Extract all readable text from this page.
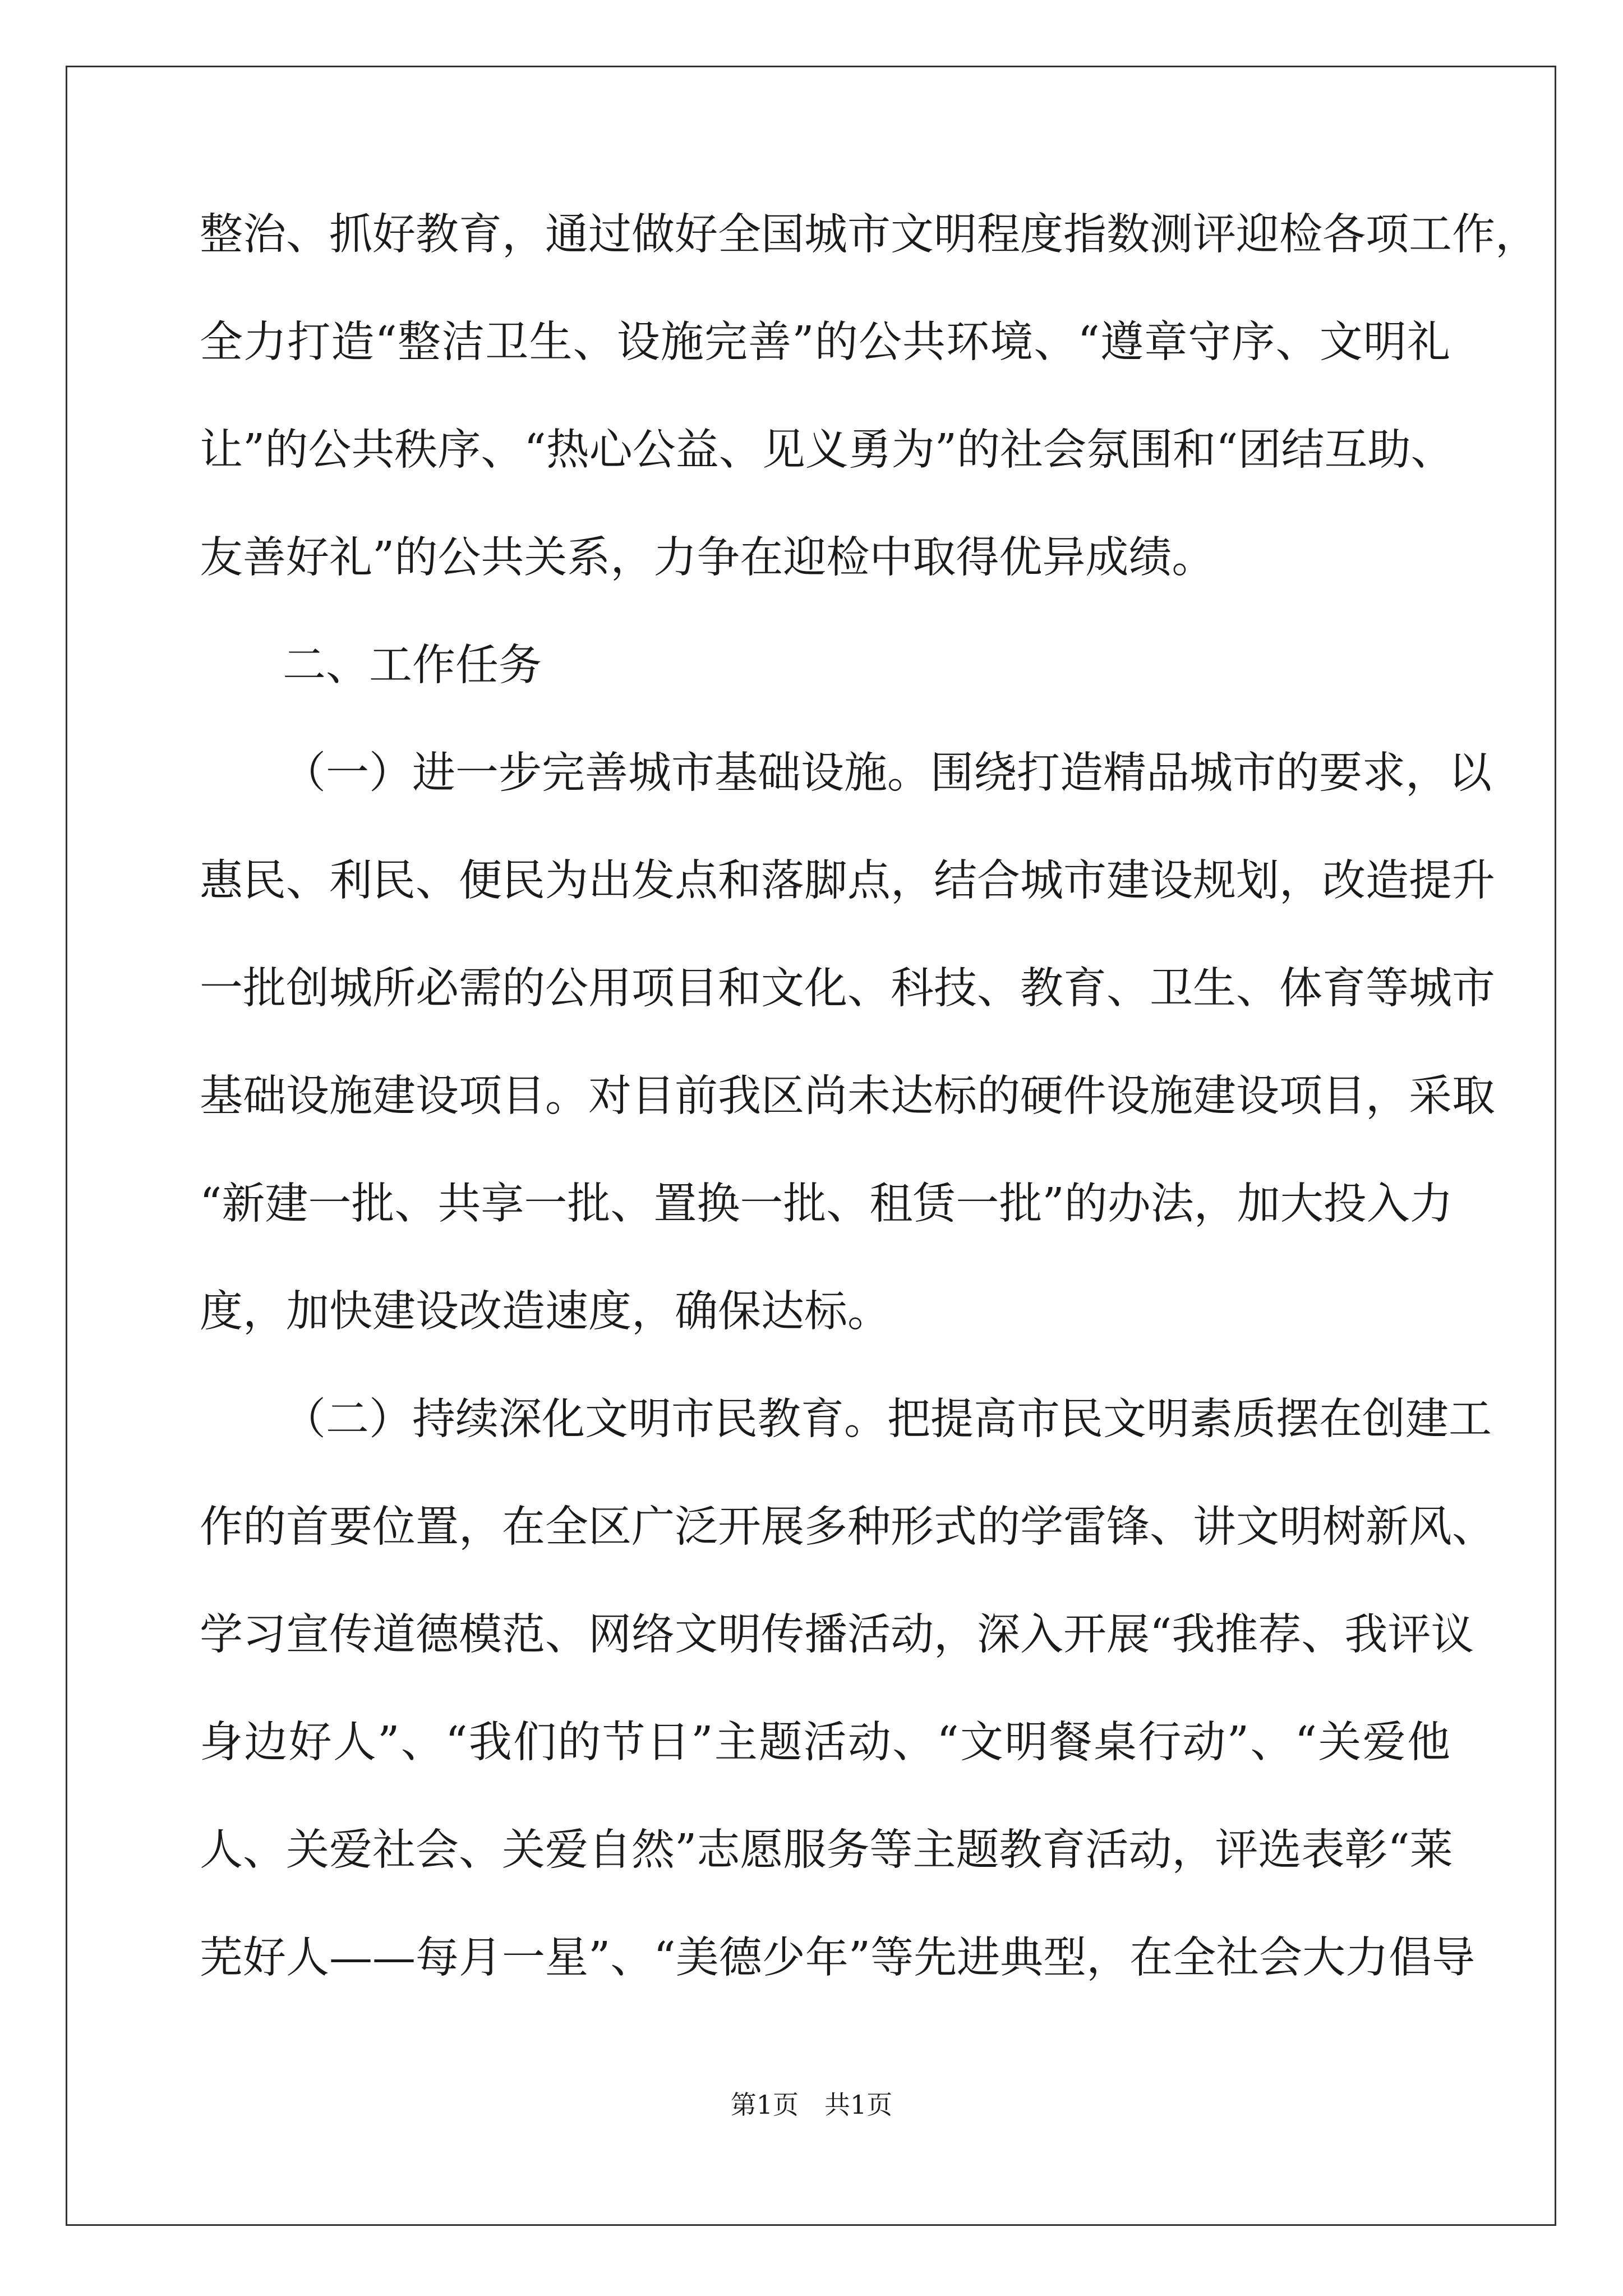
整治、抓好教育，通过做好全国城市文明程度指数测评迎检各项工作，
全力打造“整洁卫生、设施完善”的公共环境、“遵章守序、文明礼
让”的公共秩序、“热心公益、见义勇为”的社会氛围和“团结互助、
友善好礼”的公共关系，力争在迎检中取得优异成绩。
二、工作任务
（一）进一步完善城市基础设施。围绕打造精品城市的要求，以
惠民、利民、便民为出发点和落脚点，结合城市建设规划，改造提升
一批创城所必需的公用项目和文化、科技、教育、卫生、体育等城市
基础设施建设项目。对目前我区尚未达标的硬件设施建设项目，采取
“新建一批、共享一批、置换一批、租赁一批”的办法，加大投入力
度，加快建设改造速度，确保达标。
（二）持续深化文明市民教育。把提高市民文明素质摆在创建工
作的首要位置，在全区广泛开展多种形式的学雷锋、讲文明树新风、
学习宣传道德模范、网络文明传播活动，深入开展“我推荐、我评议
身边好人”、“我们的节日”主题活动、“文明餐桌行动”、“关爱他
人、关爱社会、关爱自然”志愿服务等主题教育活动，评选表彰“莱
芜好人——每月一星”、“美德少年”等先进典型，在全社会大力倡导
第1页　共1页
